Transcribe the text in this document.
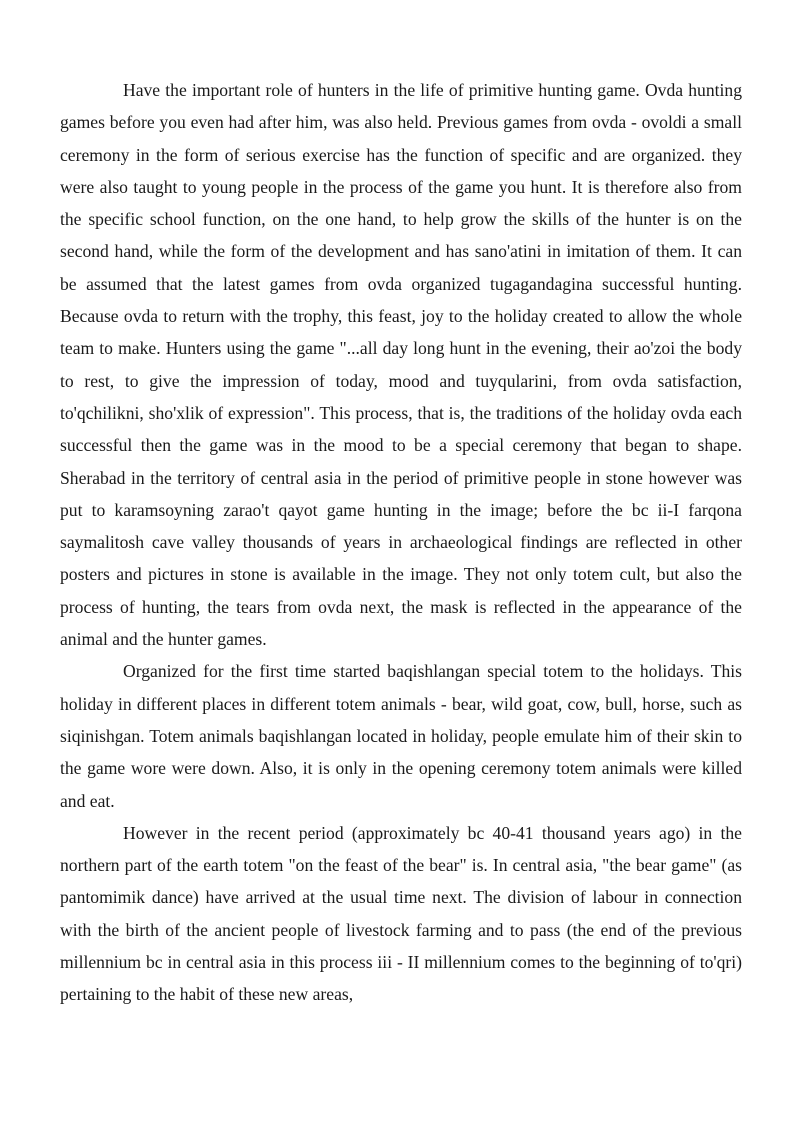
Have the important role of hunters in the life of primitive hunting game. Ovda hunting games before you even had after him, was also held. Previous games from ovda - ovoldi a small ceremony in the form of serious exercise has the function of specific and are organized. they were also taught to young people in the process of the game you hunt. It is therefore also from the specific school function, on the one hand, to help grow the skills of the hunter is on the second hand, while the form of the development and has sano'atini in imitation of them. It can be assumed that the latest games from ovda organized tugagandagina successful hunting. Because ovda to return with the trophy, this feast, joy to the holiday created to allow the whole team to make. Hunters using the game "...all day long hunt in the evening, their ao'zoi the body to rest, to give the impression of today, mood and tuyqularini, from ovda satisfaction, to'qchilikni, sho'xlik of expression". This process, that is, the traditions of the holiday ovda each successful then the game was in the mood to be a special ceremony that began to shape. Sherabad in the territory of central asia in the period of primitive people in stone however was put to karamsoyning zarao't qayot game hunting in the image; before the bc ii-I farqona saymalitosh cave valley thousands of years in archaeological findings are reflected in other posters and pictures in stone is available in the image. They not only totem cult, but also the process of hunting, the tears from ovda next, the mask is reflected in the appearance of the animal and the hunter games.

Organized for the first time started baqishlangan special totem to the holidays. This holiday in different places in different totem animals - bear, wild goat, cow, bull, horse, such as siqinishgan. Totem animals baqishlangan located in holiday, people emulate him of their skin to the game wore were down. Also, it is only in the opening ceremony totem animals were killed and eat.

However in the recent period (approximately bc 40-41 thousand years ago) in the northern part of the earth totem "on the feast of the bear" is. In central asia, "the bear game" (as pantomimik dance) have arrived at the usual time next. The division of labour in connection with the birth of the ancient people of livestock farming and to pass (the end of the previous millennium bc in central asia in this process iii - II millennium comes to the beginning of to'qri) pertaining to the habit of these new areas,
